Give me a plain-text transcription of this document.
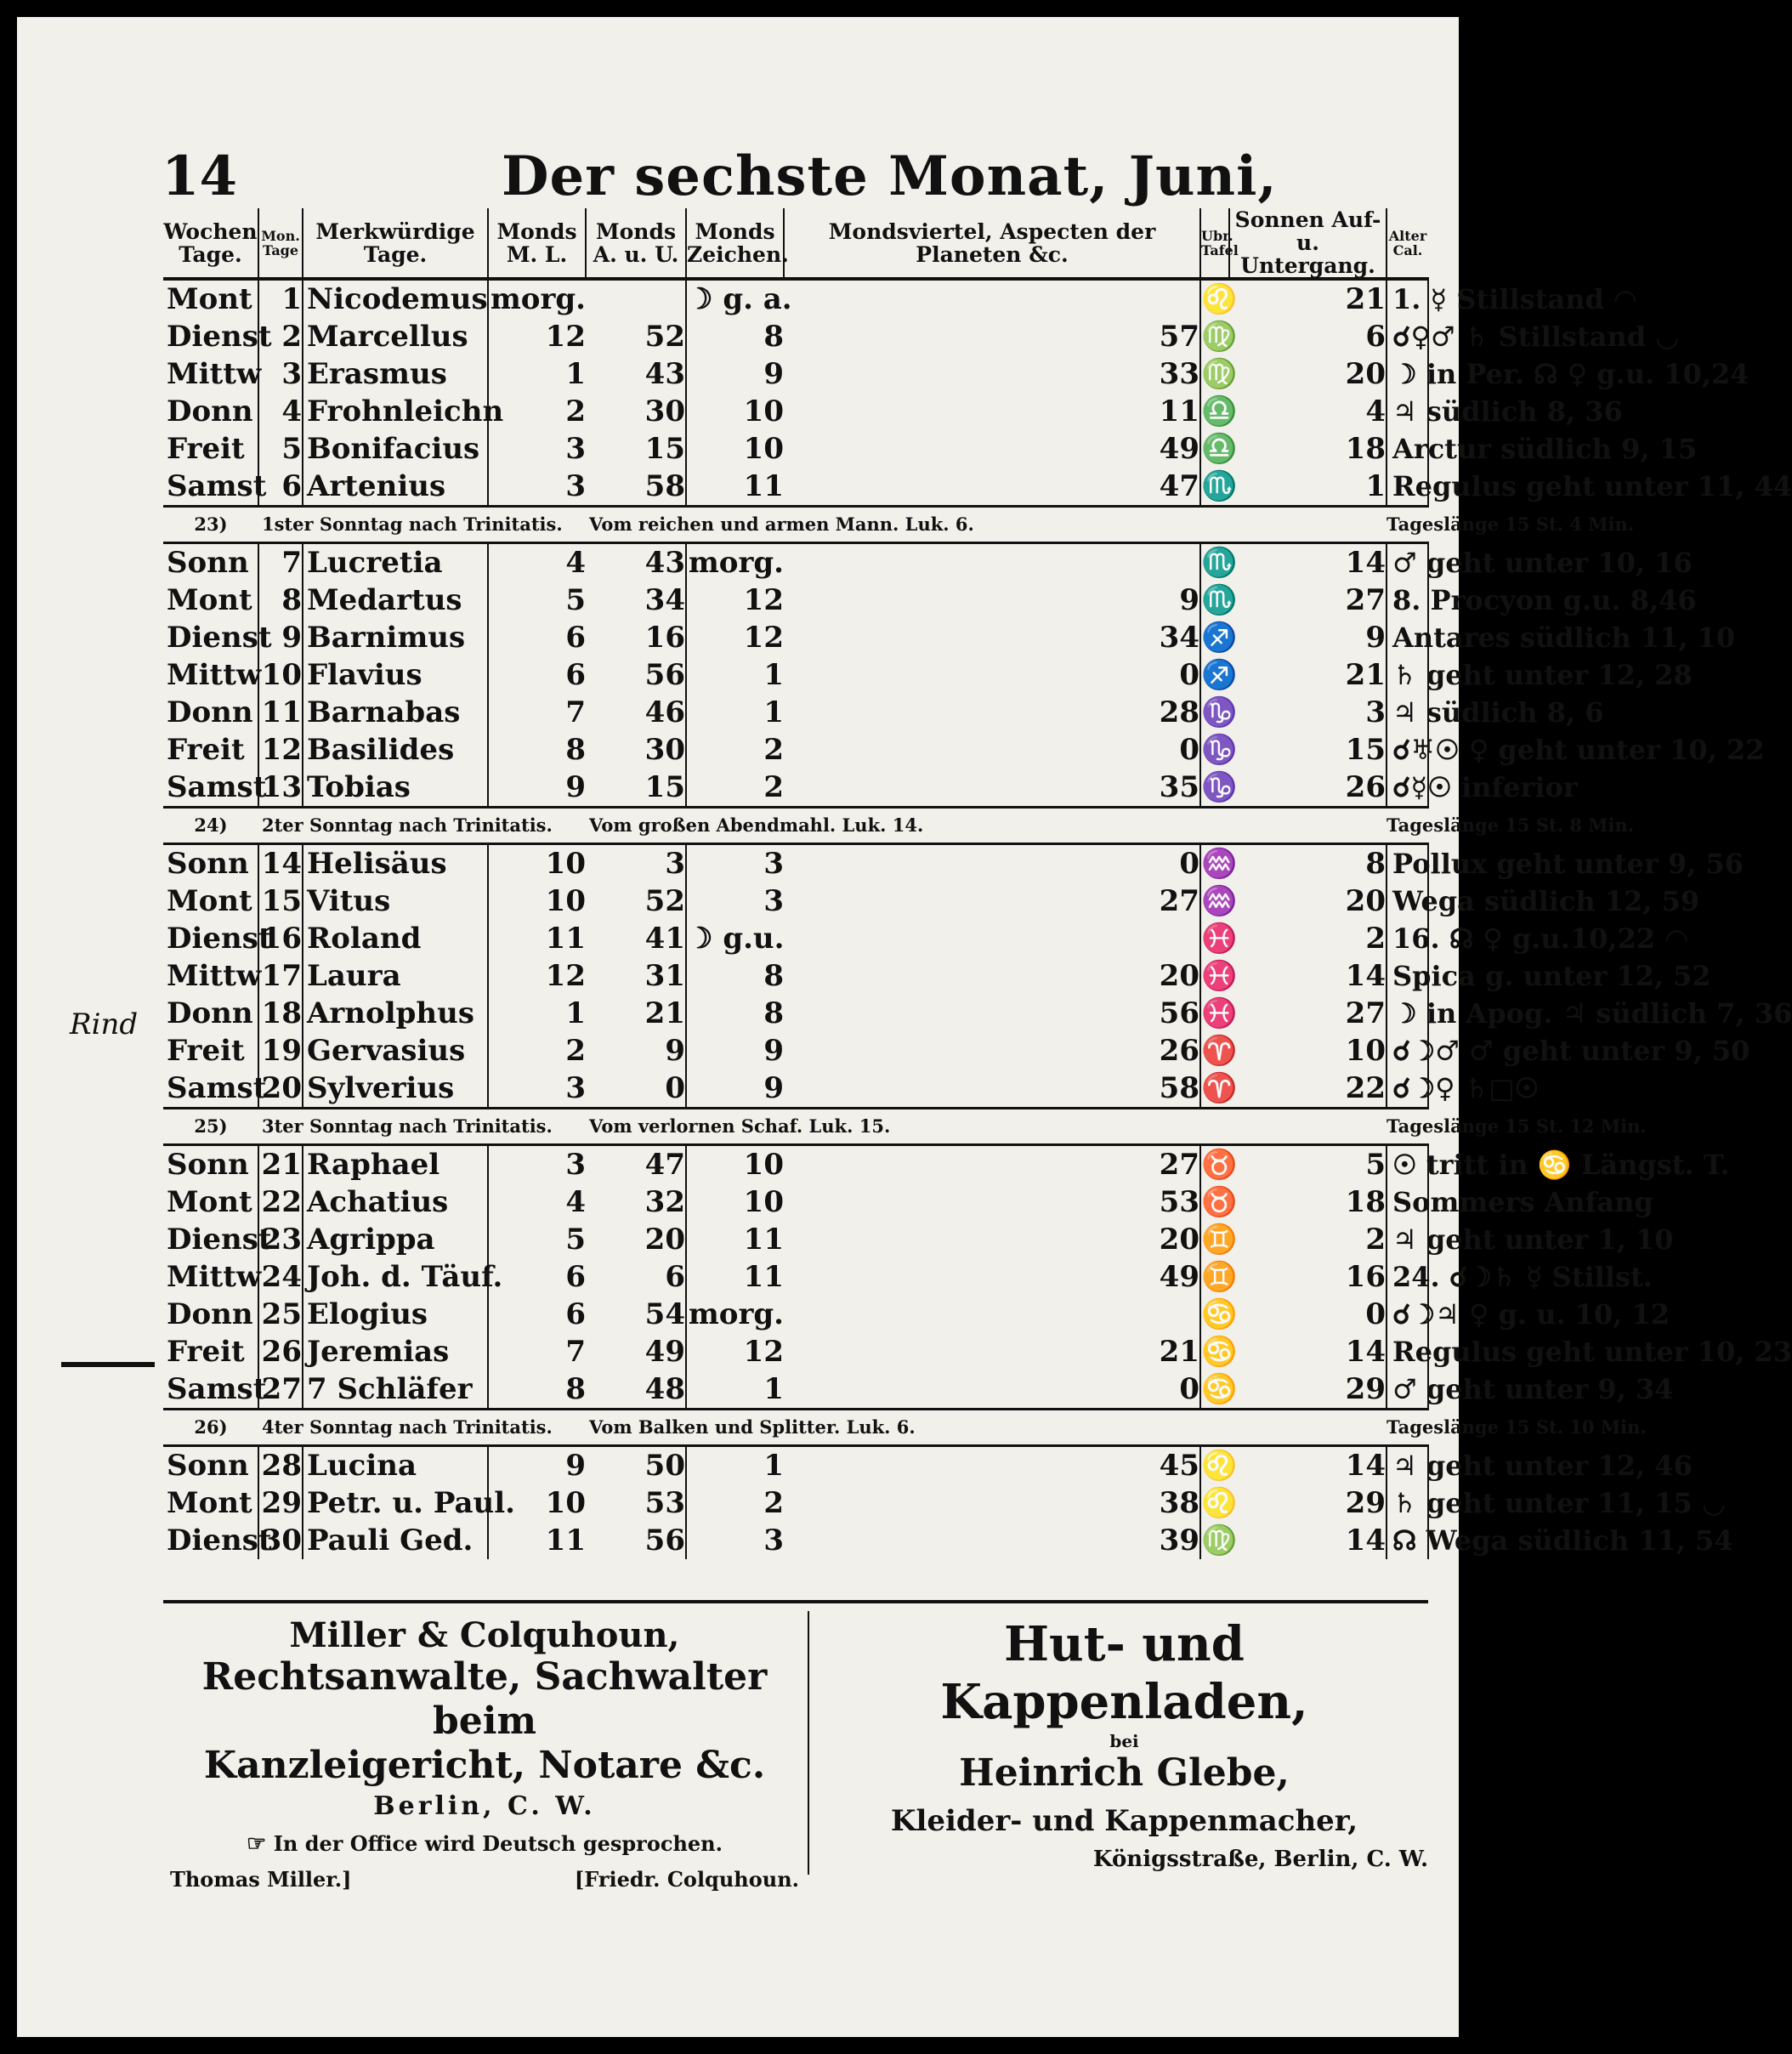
14	Der sechste Monat, Juni,
Wochen Tage.	Mon. Tage	Merkwürdige Tage.	Monds M. L.	Monds A. u. U.	Monds Zeichen.	Mondsviertel, Aspecten der Planeten &c.	Ubr. Tafel	Sonnen Auf- u. Untergang.	Alter Cal.	
Mont	1	Nicodemus	morg.		☽ g. a.		♌	21	1. ☿ Stillstand ◠						
Dienst	2	Marcellus	12	52	8	57	♍	6	☌♀♂ ♄ Stillstand ◡						
Mittw	3	Erasmus	1	43	9	33	♍	20	☽ in Per. ☊ ♀ g.u. 10,24						
Donn	4	Frohnleichn	2	30	10	11	♎	4	♃ südlich 8, 36						
Freit	5	Bonifacius	3	15	10	49	♎	18	Arctur südlich 9, 15						
Samst	6	Artenius	3	58	11	47	♏	1	Regulus geht unter 11, 44						
23)	1ster Sonntag nach Trinitatis.			Vom reichen und armen Mann. Luk. 6.					Tageslänge 15 St. 4 Min.	
Sonn	7	Lucretia	4	43	morg.		♏	14	♂ geht unter 10, 16						
Mont	8	Medartus	5	34	12	9	♏	27	8. Procyon g.u. 8,46						
Dienst	9	Barnimus	6	16	12	34	♐	9	Antares südlich 11, 10						
Mittw	10	Flavius	6	56	1	0	♐	21	♄ geht unter 12, 28						
Donn	11	Barnabas	7	46	1	28	♑	3	♃ südlich 8, 6						
Freit	12	Basilides	8	30	2	0	♑	15	☌♅☉ ♀ geht unter 10, 22						
Samst	13	Tobias	9	15	2	35	♑	26	☌☿☉ inferior						
24)	2ter Sonntag nach Trinitatis.			Vom großen Abendmahl. Luk. 14.					Tageslänge 15 St. 8 Min.	
Sonn	14	Helisäus	10	3	3	0	♒	8	Pollux geht unter 9, 56						
Mont	15	Vitus	10	52	3	27	♒	20	Wega südlich 12, 59						
Dienst	16	Roland	11	41	☽ g.u.		♓	2	16. ☊ ♀ g.u.10,22 ◠						
Mittw	17	Laura	12	31	8	20	♓	14	Spica g. unter 12, 52						
Donn	18	Arnolphus	1	21	8	56	♓	27	☽ in Apog. ♃ südlich 7, 36						
Freit	19	Gervasius	2	9	9	26	♈	10	☌☽♂ ♂ geht unter 9, 50						
Samst	20	Sylverius	3	0	9	58	♈	22	☌☽♀ ♄□☉						
25)	3ter Sonntag nach Trinitatis.			Vom verlornen Schaf. Luk. 15.					Tageslänge 15 St. 12 Min.	
Sonn	21	Raphael	3	47	10	27	♉	5	☉ tritt in ♋ Längst. T.						
Mont	22	Achatius	4	32	10	53	♉	18	Sommers Anfang						
Dienst	23	Agrippa	5	20	11	20	♊	2	♃ geht unter 1, 10						
Mittw	24	Joh. d. Täuf.	6	6	11	49	♊	16	24. ☌☽♄ ☿ Stillst.						
Donn	25	Elogius	6	54	morg.		♋	0	☌☽♃ ♀ g. u. 10, 12						
Freit	26	Jeremias	7	49	12	21	♋	14	Regulus geht unter 10, 23						
Samst	27	7 Schläfer	8	48	1	0	♋	29	♂ geht unter 9, 34						
26)	4ter Sonntag nach Trinitatis.			Vom Balken und Splitter. Luk. 6.					Tageslänge 15 St. 10 Min.	
Sonn	28	Lucina	9	50	1	45	♌	14	♃ geht unter 12, 46						
Mont	29	Petr. u. Paul.	10	53	2	38	♌	29	♄ geht unter 11, 15 ◡						
Dienst	30	Pauli Ged.	11	56	3	39	♍	14	☊ Wega südlich 11, 54						
Miller & Colquhoun,
Rechtsanwalte, Sachwalter beim
Kanzleigericht, Notare &c.
Berlin, C. W.
☞ In der Office wird Deutsch gesprochen.
Thomas Miller.]	[Friedr. Colquhoun.
Hut- und Kappenladen,
bei
Heinrich Glebe,
Kleider- und Kappenmacher,
Königsstraße, Berlin, C. W.
Rind
